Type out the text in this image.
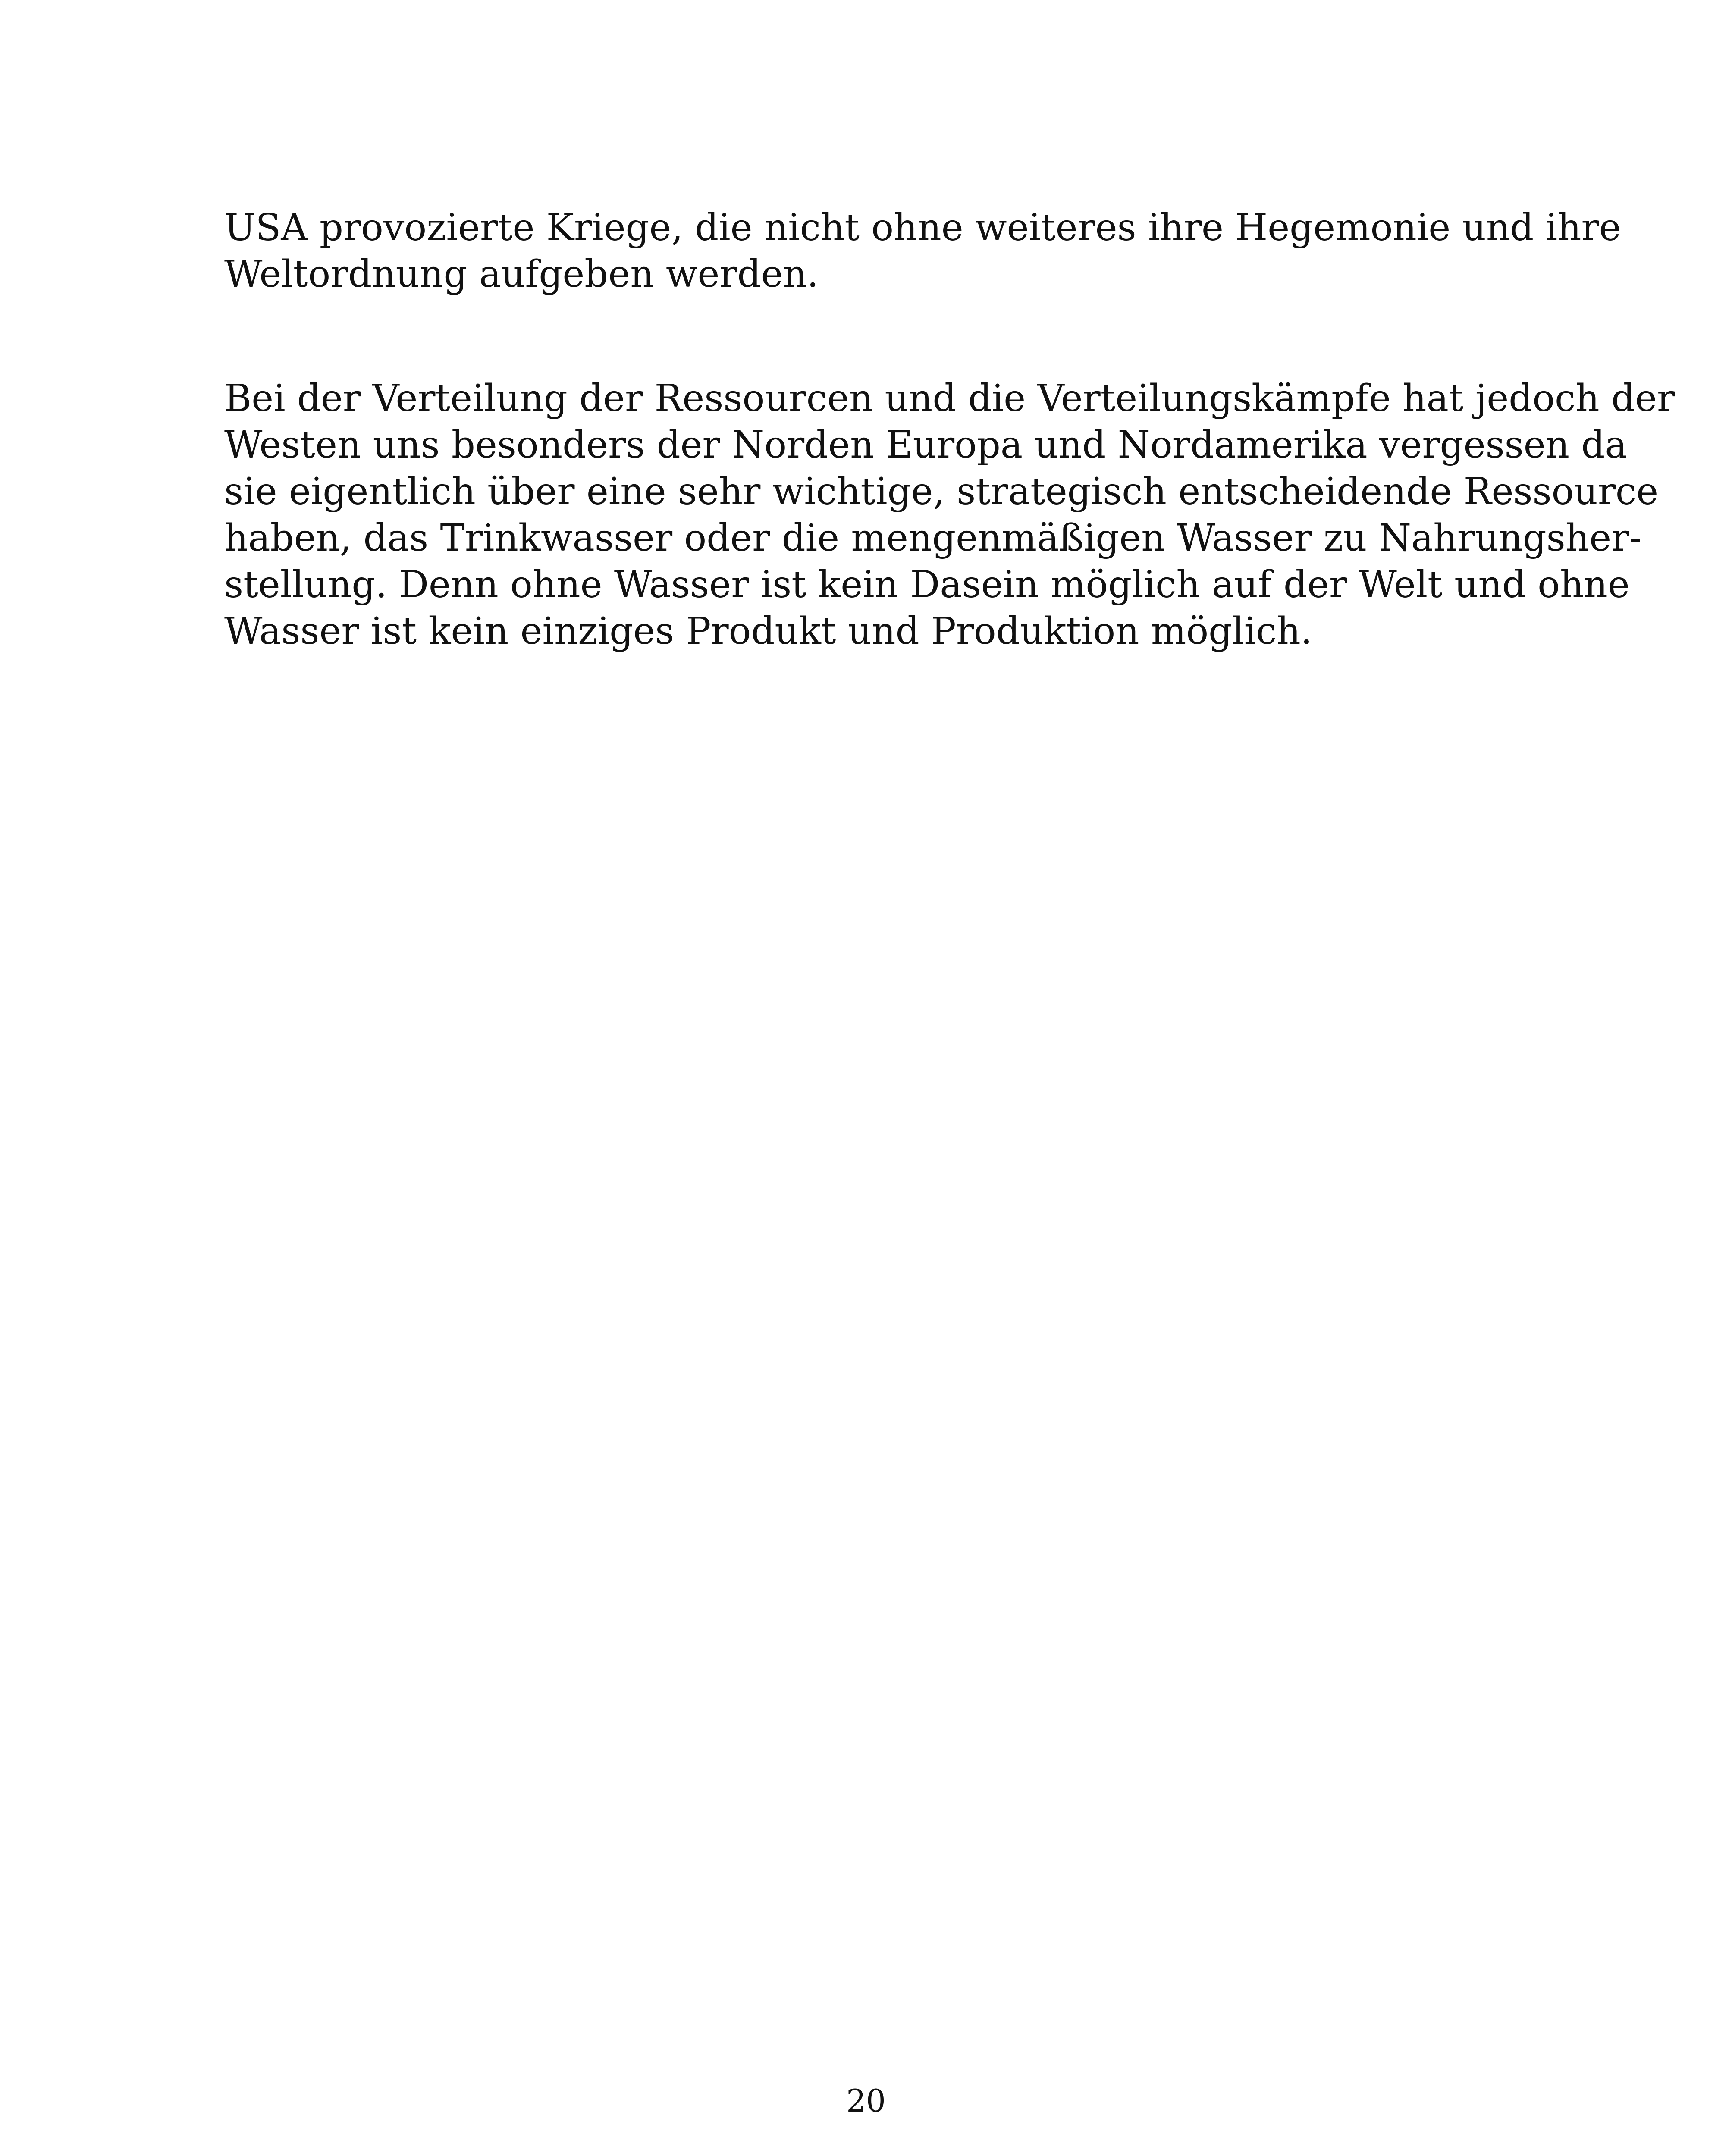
USA provozierte Kriege, die nicht ohne weiteres ihre Hegemonie und ihre
Weltordnung aufgeben werden.

Bei der Verteilung der Ressourcen und die Verteilungskämpfe hat jedoch der
Westen uns besonders der Norden Europa und Nordamerika vergessen da
sie eigentlich über eine sehr wichtige, strategisch entscheidende Ressource
haben, das Trinkwasser oder die mengenmäßigen Wasser zu Nahrungsher-
stellung. Denn ohne Wasser ist kein Dasein möglich auf der Welt und ohne
Wasser ist kein einziges Produkt und Produktion möglich.

20
